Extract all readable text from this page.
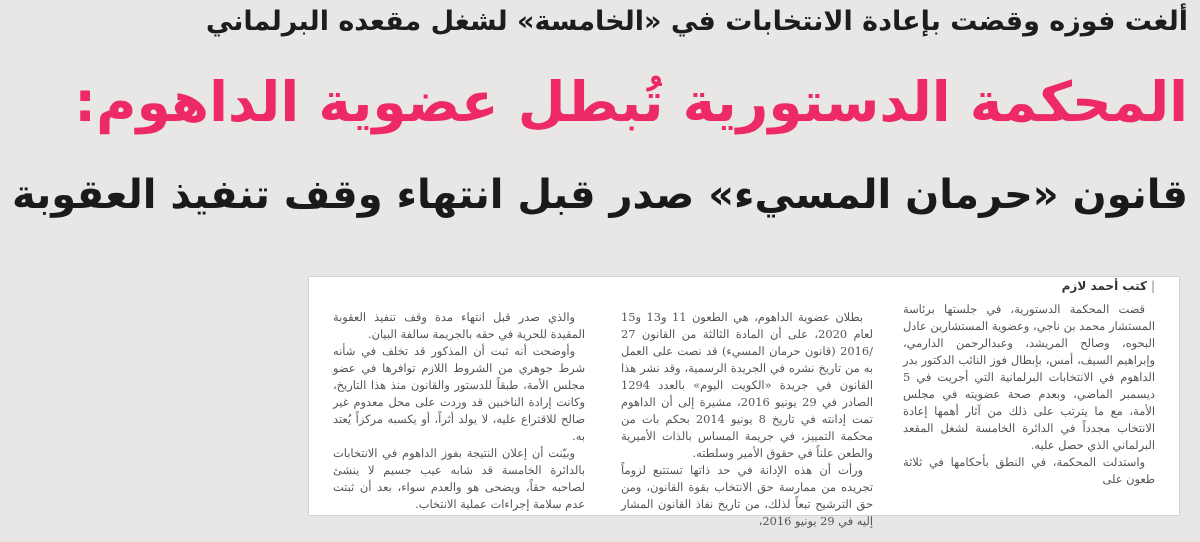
ألغت فوزه وقضت بإعادة الانتخابات في «الخامسة» لشغل مقعده البرلماني
المحكمة الدستورية تُبطل عضوية الداهوم:
قانون «حرمان المسيء» صدر قبل انتهاء وقف تنفيذ العقوبة
|كتب أحمد لازم

قضت المحكمة الدستورية، في جلستها برئاسة المستشار محمد بن ناجي، وعضوية المستشارين عادل البحوه، وصالح المريشد، وعبدالرحمن الدارمي، وإبراهيم السيف، أمس، بإبطال فوز النائب الدكتور بدر الداهوم في الانتخابات البرلمانية التي أجريت في 5 ديسمبر الماضي، وبعدم صحة عضويته في مجلس الأمة، مع ما يترتب على ذلك من آثار أهمها إعادة الانتخاب مجدداً في الدائرة الخامسة لشغل المقعد البرلماني الذي حصل عليه.

واستدلت المحكمة، في النطق بأحكامها في ثلاثة طعون على

بطلان عضوية الداهوم، هي الطعون 11 و13 و15 لعام 2020، على أن المادة الثالثة من القانون 27 /2016 (قانون حرمان المسيء) قد نصت على العمل به من تاريخ نشره في الجريدة الرسمية، وقد نشر هذا القانون في جريدة «الكويت اليوم» بالعدد 1294 الصادر في 29 يونيو 2016، مشيرة إلى أن الداهوم تمت إدانته في تاريخ 8 يونيو 2014 بحكم بات من محكمة التمييز، في جريمة المساس بالذات الأميرية والطعن علناً في حقوق الأمير وسلطته.

ورأت أن هذه الإدانة في حد ذاتها تستتبع لزوماً تجريده من ممارسة حق الانتخاب بقوة القانون، ومن حق الترشيح تبعاً لذلك، من تاريخ نفاذ القانون المشار إليه في 29 يونيو 2016،

والذي صدر قبل انتهاء مدة وقف تنفيذ العقوبة المقيدة للحرية في حقه بالجريمة سالفة البيان.

وأوضحت أنه ثبت أن المذكور قد تخلف في شأنه شرط جوهري من الشروط اللازم توافرها في عضو مجلس الأمة، طبقاً للدستور والقانون منذ هذا التاريخ، وكانت إرادة الناخبين قد وردت على محل معدوم غير صالح للاقتراع عليه، لا يولد أثراً، أو يكسبه مركزاً يُعتد به.

وبيّنت أن إعلان النتيجة بفوز الداهوم في الانتخابات بالدائرة الخامسة قد شابه عيب جسيم لا ينشئ لصاحبه حقاً، ويضحى هو والعدم سواء، بعد أن ثبتت عدم سلامة إجراءات عملية الانتخاب.
